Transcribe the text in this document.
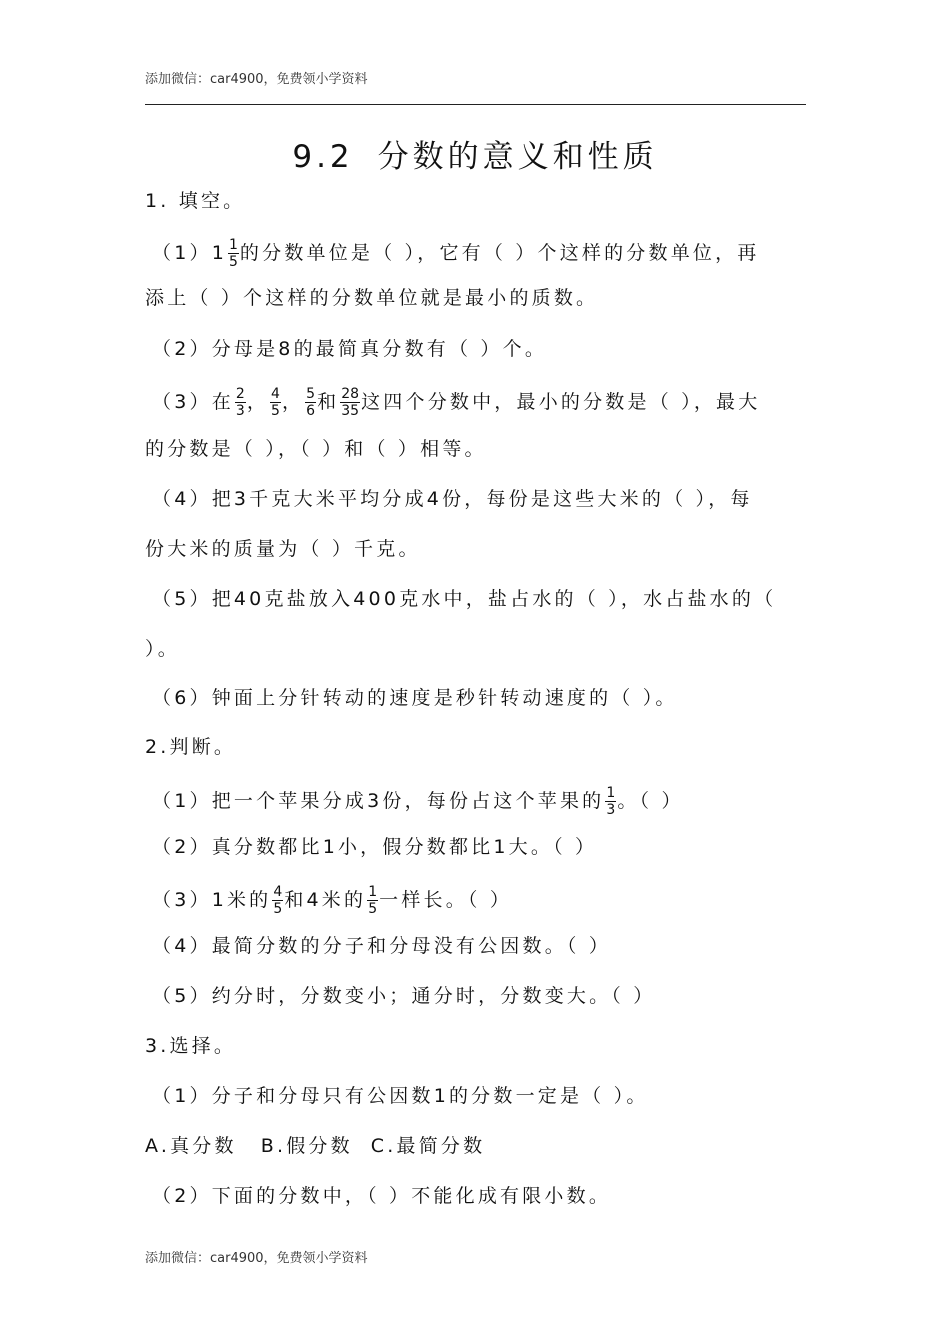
添加微信：car4900，免费领小学资料
9.2 分数的意义和性质
1. 填空。
$(1)1 \frac{1}{5}$ 的分数单位是（ ），它有（ ）个这样的分数单位，再
添上（ ）个这样的分数单位就是最小的质数。
（2）分母是8的最简真分数有（ ）个。
（3）在 $\frac{2}{3}$ ， $\frac{4}{5}$ ， $\frac{5}{6}$ 和 $\frac{28}{35}$ 这四个分数中，最小的分数是（ ），最大
的分数是（ ），（ ）和（ ）相等。
（4）把3千克大米平均分成4份，每份是这些大米的（ ），每
份大米的质量为（ ）千克。
（5）把40克盐放入400克水中，盐占水的（ ），水占盐水的（
）。
（6）钟面上分针转动的速度是秒针转动速度的（ ）。
2.判断。
（1）把一个苹果分成3份，每份占这个苹果的 $\frac{1}{3}$ 。（ ）
（2）真分数都比1小，假分数都比1大。（ ）
（3）1米的 $\frac{4}{5}$ 和4米的 $\frac{1}{5}$ 一样长。（ ）
（4）最简分数的分子和分母没有公因数。（ ）
（5）约分时，分数变小；通分时，分数变大。（ ）
3.选择。
（1）分子和分母只有公因数1的分数一定是（ ）。
A.真分数 B.假分数 C.最简分数
（2）下面的分数中，（ ）不能化成有限小数。
添加微信：car4900，免费领小学资料
